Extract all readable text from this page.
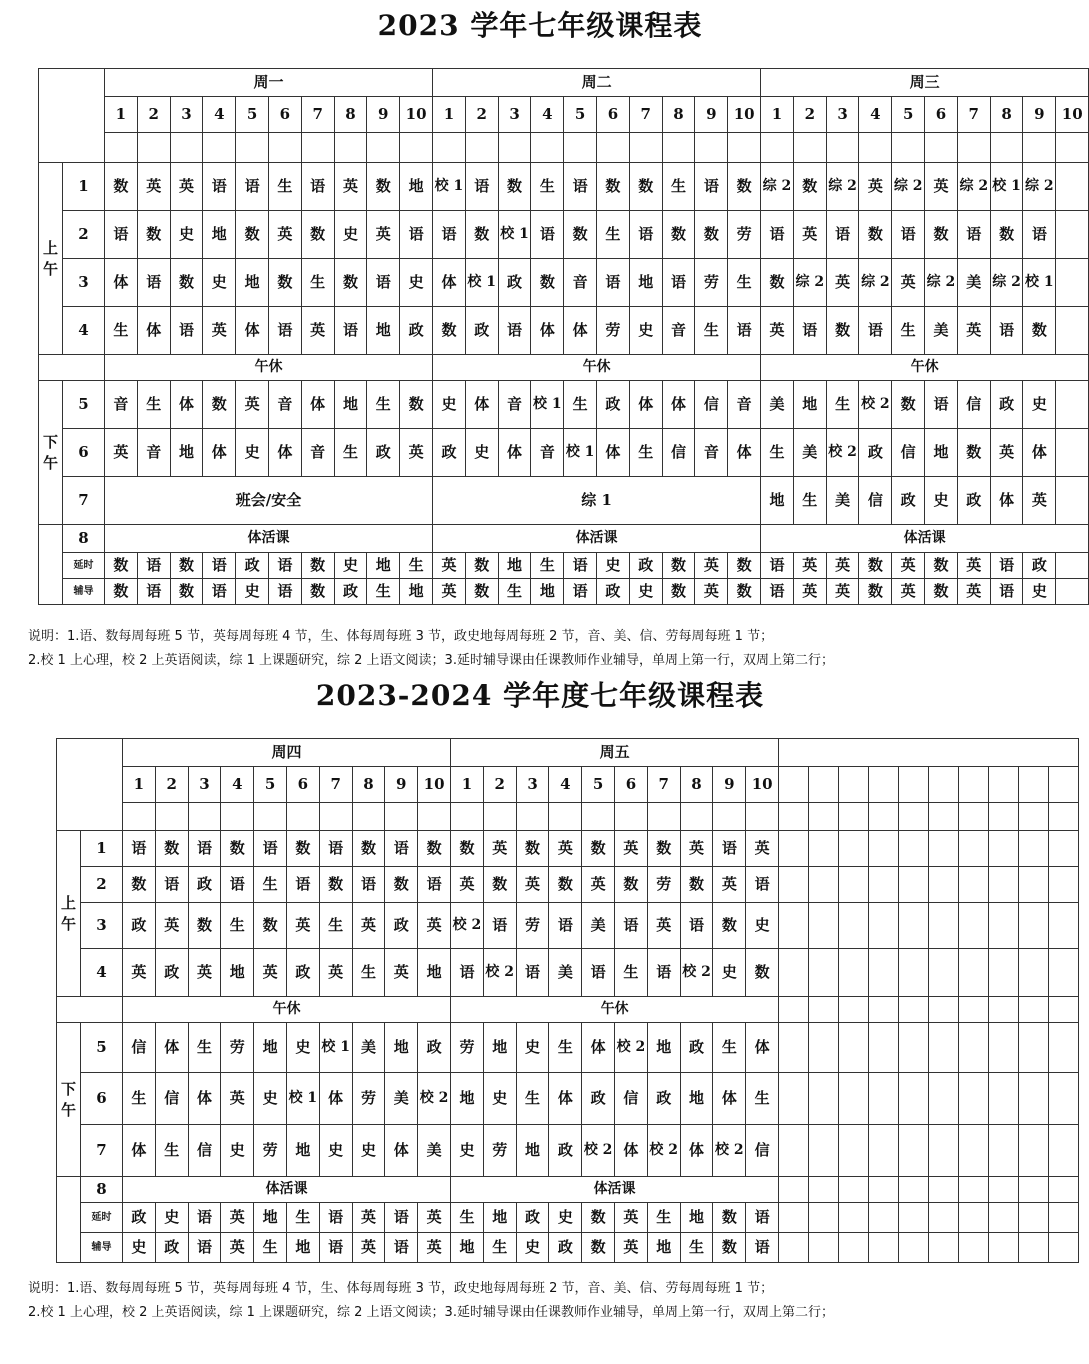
2023 学年七年级课程表
		周一										周二										周三									
		1	2	3	4	5	6	7	8	9	10	1	2	3	4	5	6	7	8	9	10	1	2	3	4	5	6	7	8	9	10

上午	1	数	英	英	语	语	生	语	英	数	地	校 1	语	数	生	语	数	数	生	语	数	综 2	数	综 2	英	综 2	英	综 2	校 1	综 2	
	2	语	数	史	地	数	英	数	史	英	语	语	数	校 1	语	数	生	语	数	数	劳	语	英	语	数	语	数	语	数	语	
	3	体	语	数	史	地	数	生	数	语	史	体	校 1	政	数	音	语	地	语	劳	生	数	综 2	英	综 2	英	综 2	美	综 2	校 1	
	4	生	体	语	英	体	语	英	语	地	政	数	政	语	体	体	劳	史	音	生	语	英	语	数	语	生	美	英	语	数	
		午休										午休										午休									
下午	5	音	生	体	数	英	音	体	地	生	数	史	体	音	校 1	生	政	体	体	信	音	美	地	生	校 2	数	语	信	政	史	
	6	英	音	地	体	史	体	音	生	政	英	政	史	体	音	校 1	体	生	信	音	体	生	美	校 2	政	信	地	数	英	体	
	7	班会/安全										综 1										地	生	美	信	政	史	政	体	英	
	8	体活课										体活课										体活课									
	延时	数	语	数	语	政	语	数	史	地	生	英	数	地	生	语	史	政	数	英	数	语	英	英	数	英	数	英	语	政	
	辅导	数	语	数	语	史	语	数	政	生	地	英	数	生	地	语	政	史	数	英	数	语	英	英	数	英	数	英	语	史	
说明：1.语、数每周每班 5 节，英每周每班 4 节，生、体每周每班 3 节，政史地每周每班 2 节，音、美、信、劳每周每班 1 节；
2.校 1 上心理，校 2 上英语阅读，综 1 上课题研究，综 2 上语文阅读；3.延时辅导课由任课教师作业辅导，单周上第一行，双周上第二行；
2023-2024 学年度七年级课程表
		周四										周五																			
		1	2	3	4	5	6	7	8	9	10	1	2	3	4	5	6	7	8	9	10										

上午	1	语	数	语	数	语	数	语	数	语	数	数	英	数	英	数	英	数	英	语	英										
	2	数	语	政	语	生	语	数	语	数	语	英	数	英	数	英	数	劳	数	英	语										
	3	政	英	数	生	数	英	生	英	政	英	校 2	语	劳	语	美	语	英	语	数	史										
	4	英	政	英	地	英	政	英	生	英	地	语	校 2	语	美	语	生	语	校 2	史	数										
		午休										午休																			
下午	5	信	体	生	劳	地	史	校 1	美	地	政	劳	地	史	生	体	校 2	地	政	生	体										
	6	生	信	体	英	史	校 1	体	劳	美	校 2	地	史	生	体	政	信	政	地	体	生										
	7	体	生	信	史	劳	地	史	史	体	美	史	劳	地	政	校 2	体	校 2	体	校 2	信										
	8	体活课										体活课																			
	延时	政	史	语	英	地	生	语	英	语	英	生	地	政	史	数	英	生	地	数	语										
	辅导	史	政	语	英	生	地	语	英	语	英	地	生	史	政	数	英	地	生	数	语										
说明：1.语、数每周每班 5 节，英每周每班 4 节，生、体每周每班 3 节，政史地每周每班 2 节，音、美、信、劳每周每班 1 节；
2.校 1 上心理，校 2 上英语阅读，综 1 上课题研究，综 2 上语文阅读；3.延时辅导课由任课教师作业辅导，单周上第一行，双周上第二行；
